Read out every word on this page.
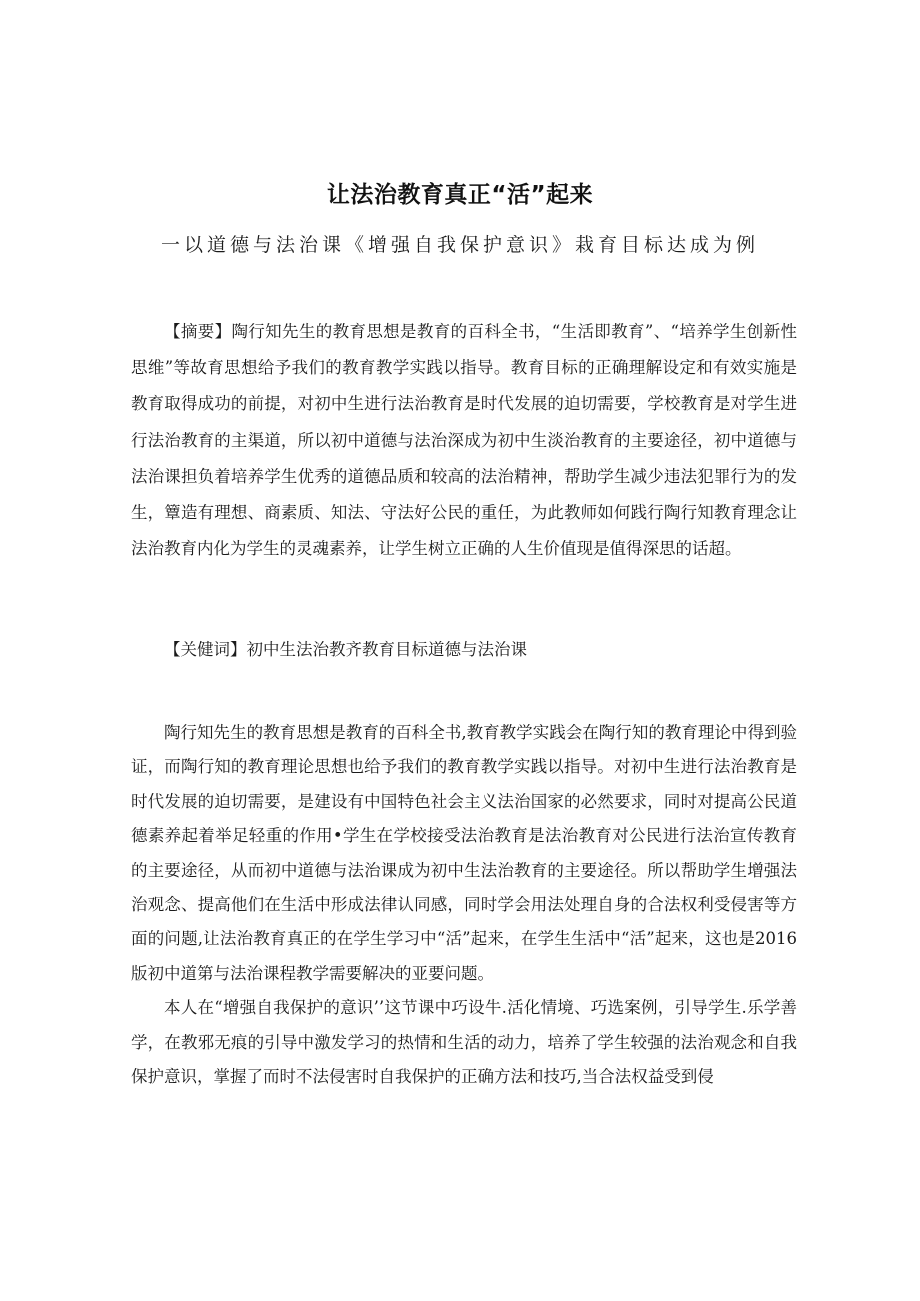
让法治教育真正“活”起来
一以道德与法治课《增强自我保护意识》栽育目标达成为例

【摘要】陶行知先生的教育思想是教育的百科全书，“生活即教育”、“培养学生创新性思维”等故育思想给予我们的教育教学实践以指导。教育目标的正确理解设定和有效实施是教育取得成功的前提，对初中生进行法治教育是时代发展的迫切需要，学校教育是对学生进行法治教育的主渠道，所以初中道德与法治深成为初中生淡治教育的主要途径，初中道德与法治课担负着培养学生优秀的道德品质和较高的法治精神，帮助学生减少违法犯罪行为的发生，簟造有理想、商素质、知法、守法好公民的重任，为此教师如何践行陶行知教育理念让法治教育内化为学生的灵魂素养，让学生树立正确的人生价值现是值得深思的话超。

【关健词】初中生法治教齐教育目标道德与法治课

陶行知先生的教育思想是教育的百科全书,教育教学实践会在陶行知的教育理论中得到验证，而陶行知的教育理论思想也给予我们的教育教学实践以指导。对初中生进行法治教育是时代发展的迫切需要，是建设有中国特色社会主义法治国家的必然要求，同时对提高公民道德素养起着举足轻重的作用•学生在学校接受法治教育是法治教育对公民进行法治宣传教育的主要途径，从而初中道德与法治课成为初中生法治教育的主要途径。所以帮助学生增强法治观念、提高他们在生活中形成法律认同感，同时学会用法处理自身的合法权利受侵害等方面的问题,让法治教育真正的在学生学习中“活”起来，在学生生活中“活”起来，这也是2016版初中道第与法治课程教学需要解决的亚要问题。

本人在“增强自我保护的意识’’这节课中巧设牛.活化情境、巧选案例，引导学生.乐学善学，在教邪无痕的引导中激发学习的热情和生活的动力，培养了学生较强的法治观念和自我保护意识，掌握了而时不法侵害时自我保护的正确方法和技巧,当合法权益受到侵
